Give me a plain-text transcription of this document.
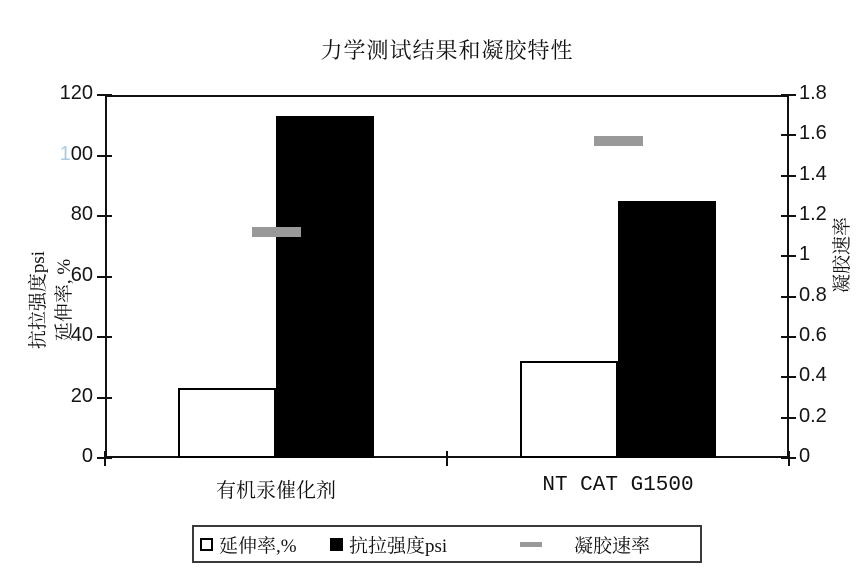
力学测试结果和凝胶特性
抗拉强度psi 延伸率, %
凝胶速率
延伸率,%	抗拉强度psi	凝胶速率
120
100
80
60
40
20
0
1.8
1.6
1.4
1.2
1
0.8
0.6
0.4
0.2
0
有机汞催化剂	NT CAT G1500
